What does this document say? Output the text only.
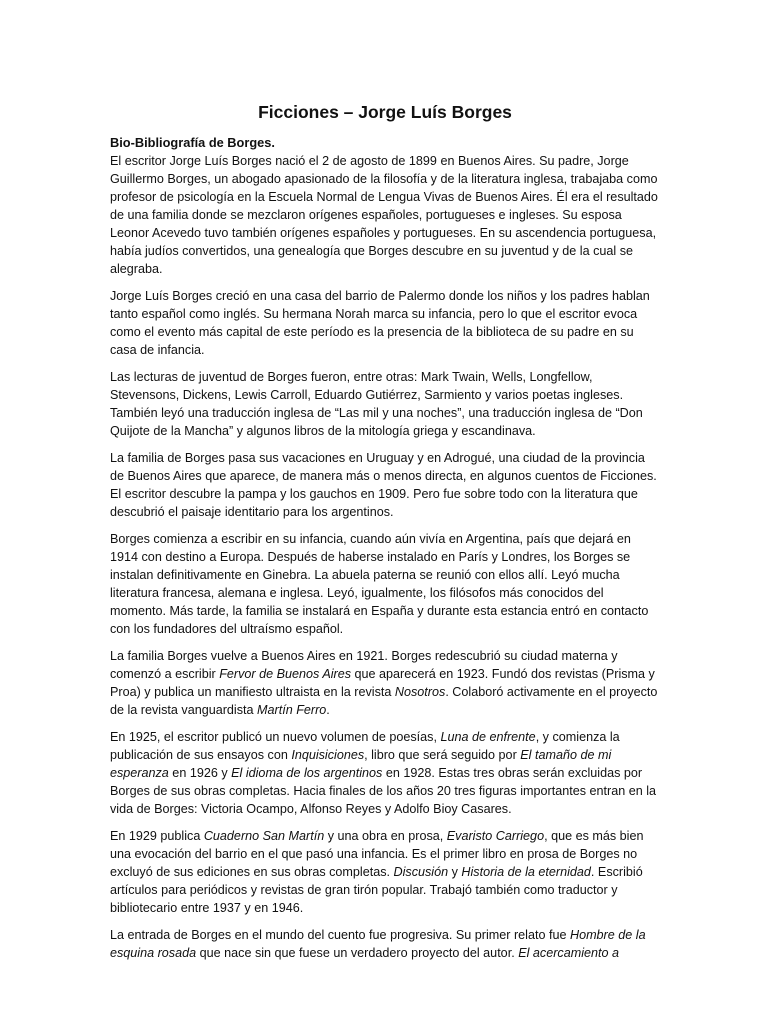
Ficciones – Jorge Luís Borges
Bio-Bibliografía de Borges.

El escritor Jorge Luís Borges nació el 2 de agosto de 1899 en Buenos Aires. Su padre, Jorge Guillermo Borges, un abogado apasionado de la filosofía y de la literatura inglesa, trabajaba como profesor de psicología en la Escuela Normal de Lengua Vivas de Buenos Aires. Él era el resultado de una familia donde se mezclaron orígenes españoles, portugueses e ingleses. Su esposa Leonor Acevedo tuvo también orígenes españoles y portugueses. En su ascendencia portuguesa, había judíos convertidos, una genealogía que Borges descubre en su juventud y de la cual se alegraba.

Jorge Luís Borges creció en una casa del barrio de Palermo donde los niños y los padres hablan tanto español como inglés. Su hermana Norah marca su infancia, pero lo que el escritor evoca como el evento más capital de este período es la presencia de la biblioteca de su padre en su casa de infancia.

Las lecturas de juventud de Borges fueron, entre otras: Mark Twain, Wells, Longfellow, Stevensons, Dickens, Lewis Carroll, Eduardo Gutiérrez, Sarmiento y varios poetas ingleses. También leyó una traducción inglesa de “Las mil y una noches”, una traducción inglesa de “Don Quijote de la Mancha” y algunos libros de la mitología griega y escandinava.

La familia de Borges pasa sus vacaciones en Uruguay y en Adrogué, una ciudad de la provincia de Buenos Aires que aparece, de manera más o menos directa, en algunos cuentos de Ficciones. El escritor descubre la pampa y los gauchos en 1909. Pero fue sobre todo con la literatura que descubrió el paisaje identitario para los argentinos.

Borges comienza a escribir en su infancia, cuando aún vivía en Argentina, país que dejará en 1914 con destino a Europa. Después de haberse instalado en París y Londres, los Borges se instalan definitivamente en Ginebra. La abuela paterna se reunió con ellos allí. Leyó mucha literatura francesa, alemana e inglesa. Leyó, igualmente, los filósofos más conocidos del momento. Más tarde, la familia se instalará en España y durante esta estancia entró en contacto con los fundadores del ultraísmo español.

La familia Borges vuelve a Buenos Aires en 1921. Borges redescubrió su ciudad materna y comenzó a escribir Fervor de Buenos Aires que aparecerá en 1923. Fundó dos revistas (Prisma y Proa) y publica un manifiesto ultraista en la revista Nosotros. Colaboró activamente en el proyecto de la revista vanguardista Martín Ferro.

En 1925, el escritor publicó un nuevo volumen de poesías, Luna de enfrente, y comienza la publicación de sus ensayos con Inquisiciones, libro que será seguido por El tamaño de mi esperanza en 1926 y El idioma de los argentinos en 1928. Estas tres obras serán excluidas por Borges de sus obras completas. Hacia finales de los años 20 tres figuras importantes entran en la vida de Borges: Victoria Ocampo, Alfonso Reyes y Adolfo Bioy Casares.

En 1929 publica Cuaderno San Martín y una obra en prosa, Evaristo Carriego, que es más bien una evocación del barrio en el que pasó una infancia. Es el primer libro en prosa de Borges no excluyó de sus ediciones en sus obras completas. Discusión y Historia de la eternidad. Escribió artículos para periódicos y revistas de gran tirón popular. Trabajó también como traductor y bibliotecario entre 1937 y en 1946.

La entrada de Borges en el mundo del cuento fue progresiva. Su primer relato fue Hombre de la esquina rosada que nace sin que fuese un verdadero proyecto del autor. El acercamiento a
